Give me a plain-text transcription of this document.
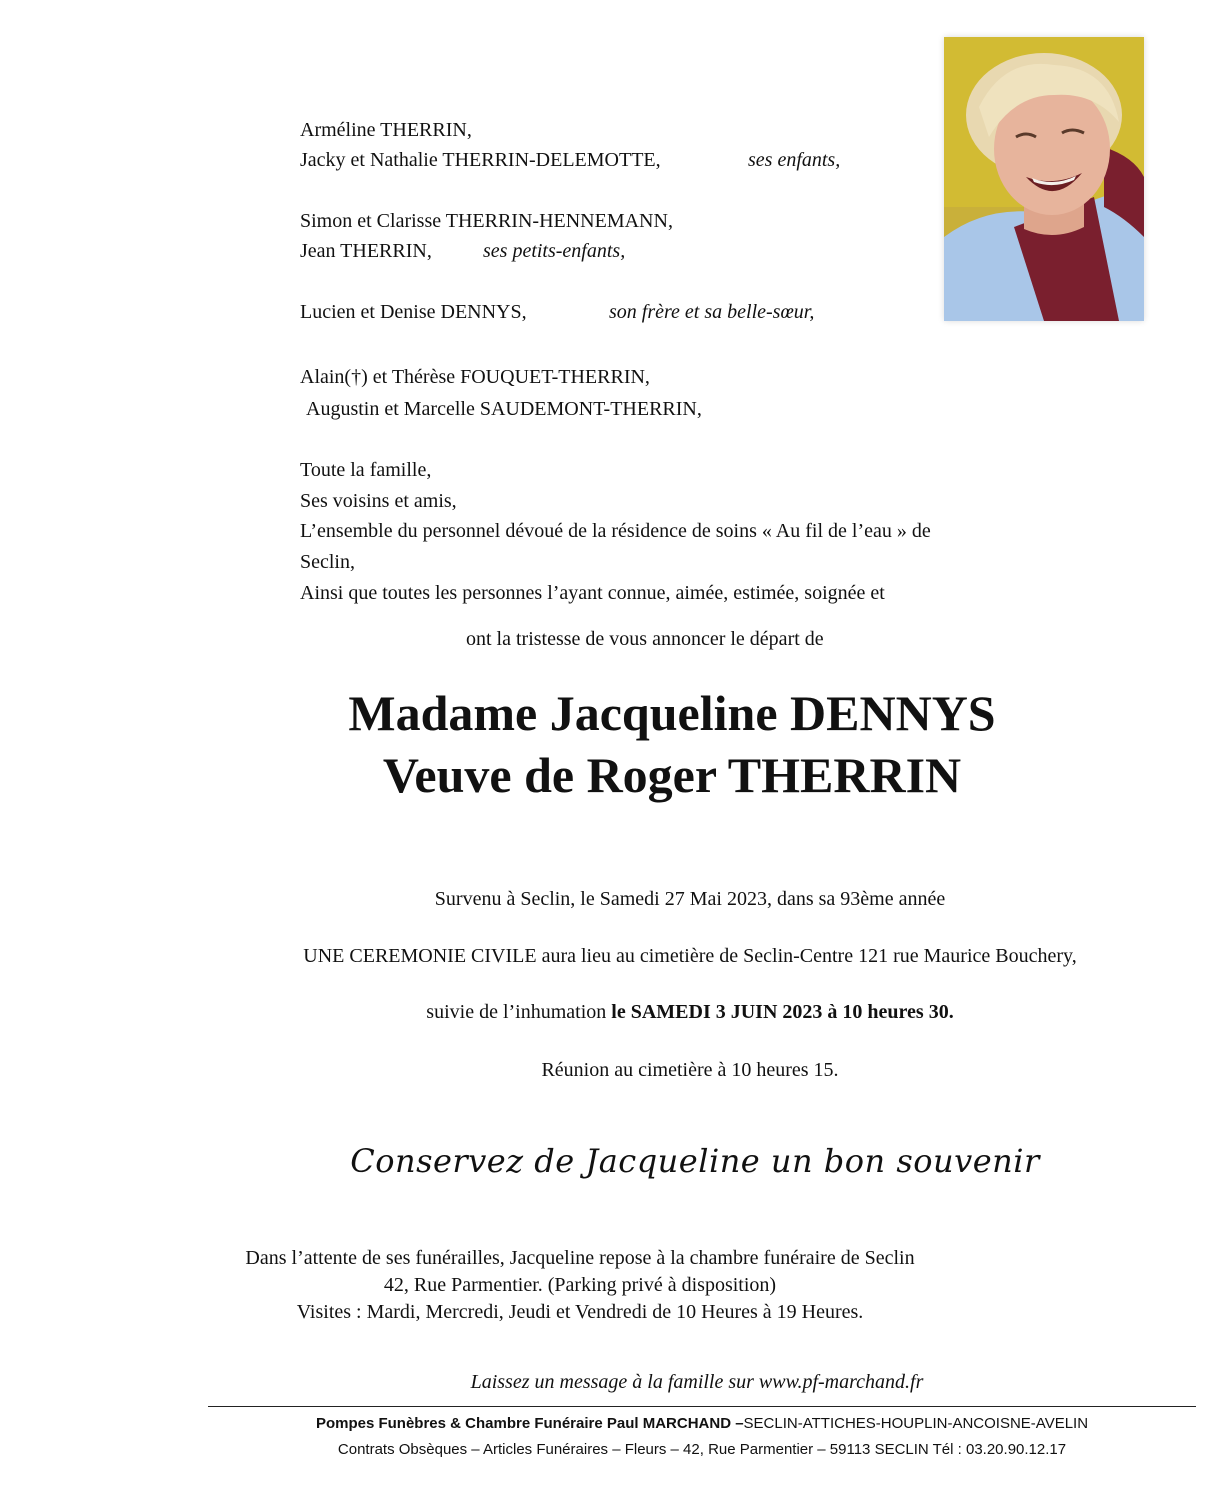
Arméline THERRIN,
Jacky et Nathalie THERRIN-DELEMOTTE,	ses enfants,
Simon et Clarisse THERRIN-HENNEMANN,
Jean THERRIN,	ses petits-enfants,
Lucien et Denise DENNYS,	son frère et sa belle-sœur,
Alain(†) et Thérèse FOUQUET-THERRIN,
Augustin et Marcelle SAUDEMONT-THERRIN,
Toute la famille,
Ses voisins et amis,
L’ensemble du personnel dévoué de la résidence de soins « Au fil de l’eau » de
Seclin,
Ainsi que toutes les personnes l’ayant connue, aimée, estimée, soignée et
ont la tristesse de vous annoncer le départ de
Madame Jacqueline DENNYS
Veuve de Roger THERRIN
Survenu à Seclin, le Samedi 27 Mai 2023, dans sa 93ème année
UNE CEREMONIE CIVILE aura lieu au cimetière de Seclin-Centre 121 rue Maurice Bouchery,
suivie de l’inhumation le SAMEDI 3 JUIN 2023 à 10 heures 30.
Réunion au cimetière à 10 heures 15.
Conservez de Jacqueline un bon souvenir
Dans l’attente de ses funérailles, Jacqueline repose à la chambre funéraire de Seclin
42, Rue Parmentier. (Parking privé à disposition)
Visites : Mardi, Mercredi, Jeudi et Vendredi de 10 Heures à 19 Heures.
Laissez un message à la famille sur www.pf-marchand.fr
Pompes Funèbres & Chambre Funéraire Paul MARCHAND –SECLIN-ATTICHES-HOUPLIN-ANCOISNE-AVELIN
Contrats Obsèques – Articles Funéraires – Fleurs – 42, Rue Parmentier – 59113 SECLIN Tél : 03.20.90.12.17
